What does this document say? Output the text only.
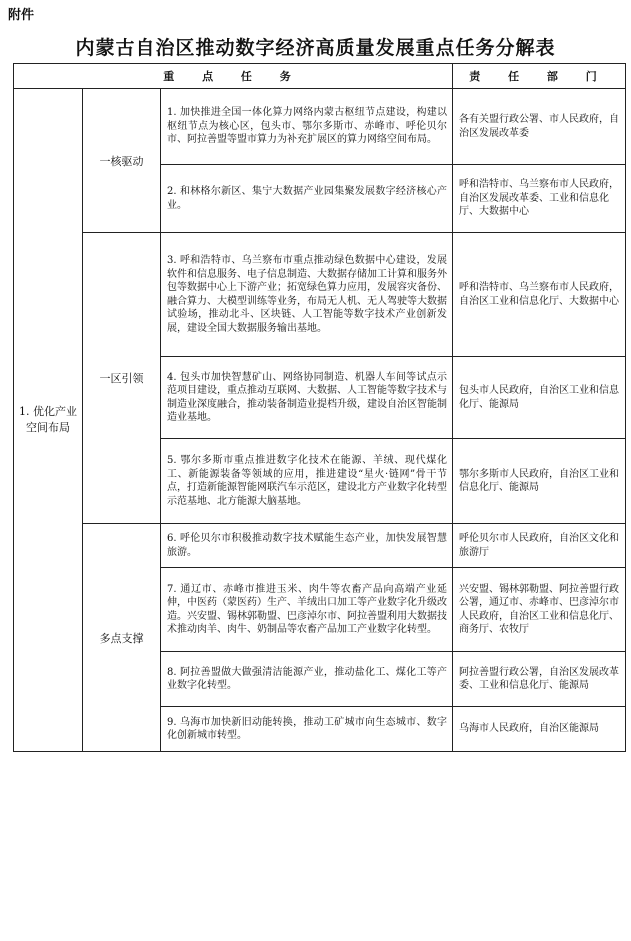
附件
内蒙古自治区推动数字经济高质量发展重点任务分解表
重 点 任 务			责 任 部 门
1. 优化产业空间布局	一核驱动	1. 加快推进全国一体化算力网络内蒙古枢纽节点建设，构建以枢纽节点为核心区，包头市、鄂尔多斯市、赤峰市、呼伦贝尔市、阿拉善盟等盟市算力为补充扩展区的算力网络空间布局。	各有关盟行政公署、市人民政府，自治区发展改革委
		2. 和林格尔新区、集宁大数据产业园集聚发展数字经济核心产业。	呼和浩特市、乌兰察布市人民政府，自治区发展改革委、工业和信息化厅、大数据中心
	一区引领	3. 呼和浩特市、乌兰察布市重点推动绿色数据中心建设，发展软件和信息服务、电子信息制造、大数据存储加工计算和服务外包等数据中心上下游产业；拓宽绿色算力应用，发展容灾备份、融合算力、大模型训练等业务，布局无人机、无人驾驶等大数据试验场，推动北斗、区块链、人工智能等数字技术产业创新发展，建设全国大数据服务输出基地。	呼和浩特市、乌兰察布市人民政府，自治区工业和信息化厅、大数据中心
		4. 包头市加快智慧矿山、网络协同制造、机器人车间等试点示范项目建设，重点推动互联网、大数据、人工智能等数字技术与制造业深度融合，推动装备制造业提档升级，建设自治区智能制造业基地。	包头市人民政府，自治区工业和信息化厅、能源局
		5. 鄂尔多斯市重点推进数字化技术在能源、羊绒、现代煤化工、新能源装备等领域的应用，推进建设“星火·链网”骨干节点，打造新能源智能网联汽车示范区，建设北方产业数字化转型示范基地、北方能源大脑基地。	鄂尔多斯市人民政府，自治区工业和信息化厅、能源局
	多点支撑	6. 呼伦贝尔市积极推动数字技术赋能生态产业，加快发展智慧旅游。	呼伦贝尔市人民政府，自治区文化和旅游厅
		7. 通辽市、赤峰市推进玉米、肉牛等农畜产品向高端产业延伸，中医药（蒙医药）生产、羊绒出口加工等产业数字化升级改造。兴安盟、锡林郭勒盟、巴彦淖尔市、阿拉善盟利用大数据技术推动肉羊、肉牛、奶制品等农畜产品加工产业数字化转型。	兴安盟、锡林郭勒盟、阿拉善盟行政公署，通辽市、赤峰市、巴彦淖尔市人民政府，自治区工业和信息化厅、商务厅、农牧厅
		8. 阿拉善盟做大做强清洁能源产业，推动盐化工、煤化工等产业数字化转型。	阿拉善盟行政公署，自治区发展改革委、工业和信息化厅、能源局
		9. 乌海市加快新旧动能转换，推动工矿城市向生态城市、数字化创新城市转型。	乌海市人民政府，自治区能源局
